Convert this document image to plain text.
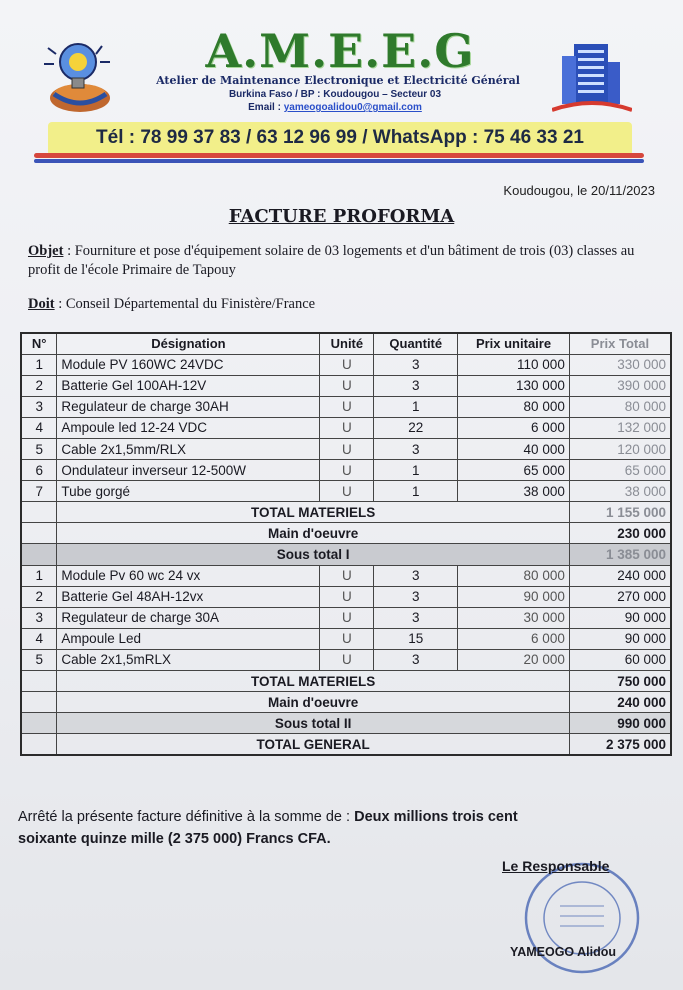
A.M.E.E.G
Atelier de Maintenance Electronique et Electricité Général
Burkina Faso / BP : Koudougou – Secteur 03
Email : yameogoalidou0@gmail.com
Tél : 78 99 37 83 / 63 12 96 99 / WhatsApp : 75 46 33 21
Koudougou, le 20/11/2023
FACTURE PROFORMA
Objet : Fourniture et pose d'équipement solaire de 03 logements et d'un bâtiment de trois (03) classes au profit de l'école Primaire de Tapouy
Doit : Conseil Départemental du Finistère/France
N°	Désignation	Unité	Quantité	Prix unitaire	Prix Total
1	Module PV 160WC 24VDC	U	3	110 000	330 000
2	Batterie Gel 100AH-12V	U	3	130 000	390 000
3	Regulateur de charge 30AH	U	1	80 000	80 000
4	Ampoule led 12-24 VDC	U	22	6 000	132 000
5	Cable 2x1,5mm/RLX	U	3	40 000	120 000
6	Ondulateur inverseur 12-500W	U	1	65 000	65 000
7	Tube gorgé	U	1	38 000	38 000
	TOTAL MATERIELS				1 155 000
	Main d'oeuvre				230 000
	Sous total I				1 385 000
1	Module Pv 60 wc 24 vx	U	3	80 000	240 000
2	Batterie Gel 48AH-12vx	U	3	90 000	270 000
3	Regulateur de charge 30A	U	3	30 000	90 000
4	Ampoule Led	U	15	6 000	90 000
5	Cable 2x1,5mRLX	U	3	20 000	60 000
	TOTAL MATERIELS				750 000
	Main d'oeuvre				240 000
	Sous total II				990 000
	TOTAL GENERAL				2 375 000
Arrêté la présente facture définitive à la somme de : Deux millions trois cent
soixante quinze mille (2 375 000) Francs CFA.
Le Responsable
YAMEOGO Alidou
